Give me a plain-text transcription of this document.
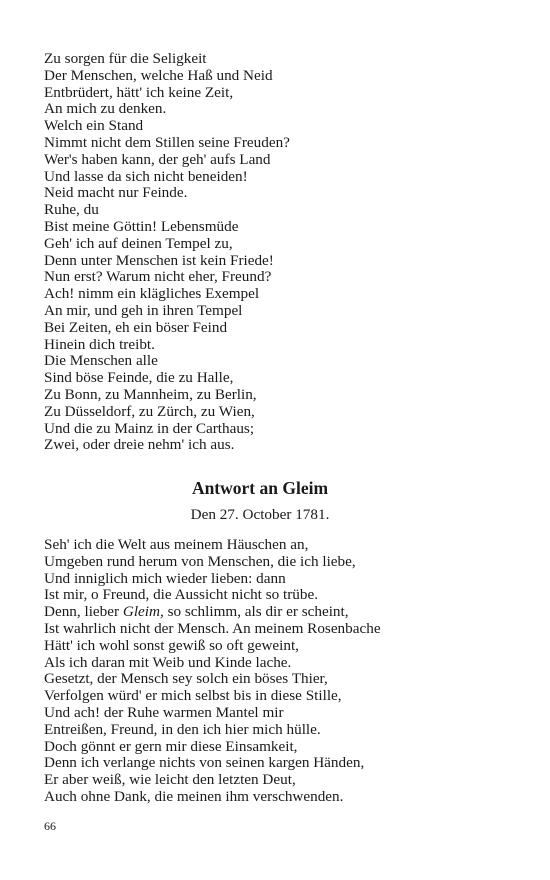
Zu sorgen für die Seligkeit
Der Menschen, welche Haß und Neid
Entbrüdert, hätt' ich keine Zeit,
An mich zu denken.
Welch ein Stand
Nimmt nicht dem Stillen seine Freuden?
Wer's haben kann, der geh' aufs Land
Und lasse da sich nicht beneiden!
Neid macht nur Feinde.
Ruhe, du
Bist meine Göttin! Lebensmüde
Geh' ich auf deinen Tempel zu,
Denn unter Menschen ist kein Friede!
Nun erst? Warum nicht eher, Freund?
Ach! nimm ein klägliches Exempel
An mir, und geh in ihren Tempel
Bei Zeiten, eh ein böser Feind
Hinein dich treibt.
Die Menschen alle
Sind böse Feinde, die zu Halle,
Zu Bonn, zu Mannheim, zu Berlin,
Zu Düsseldorf, zu Zürch, zu Wien,
Und die zu Mainz in der Carthaus;
Zwei, oder dreie nehm' ich aus.
Antwort an Gleim

Den 27. October 1781.

Seh' ich die Welt aus meinem Häuschen an,
Umgeben rund herum von Menschen, die ich liebe,
Und inniglich mich wieder lieben: dann
Ist mir, o Freund, die Aussicht nicht so trübe.
Denn, lieber Gleim, so schlimm, als dir er scheint,
Ist wahrlich nicht der Mensch. An meinem Rosenbache
Hätt' ich wohl sonst gewiß so oft geweint,
Als ich daran mit Weib und Kinde lache.
Gesetzt, der Mensch sey solch ein böses Thier,
Verfolgen würd' er mich selbst bis in diese Stille,
Und ach! der Ruhe warmen Mantel mir
Entreißen, Freund, in den ich hier mich hülle.
Doch gönnt er gern mir diese Einsamkeit,
Denn ich verlange nichts von seinen kargen Händen,
Er aber weiß, wie leicht den letzten Deut,
Auch ohne Dank, die meinen ihm verschwenden.
66
